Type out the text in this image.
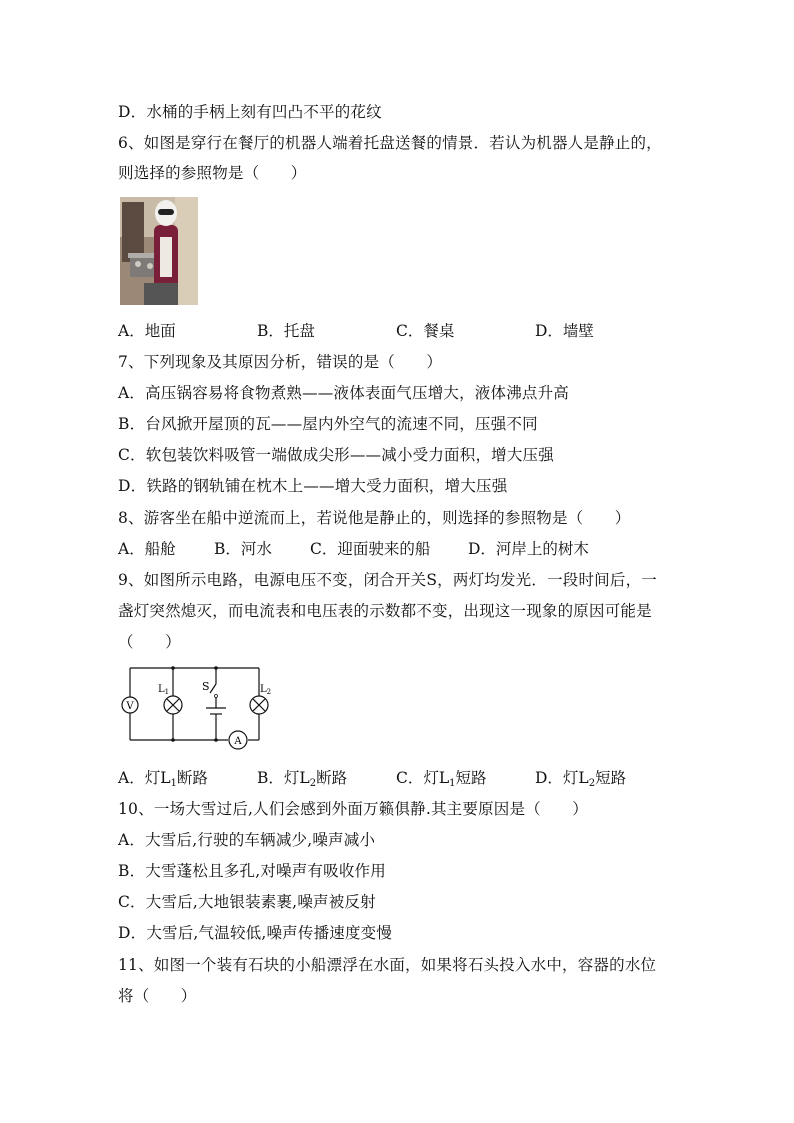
D．水桶的手柄上刻有凹凸不平的花纹
6、如图是穿行在餐厅的机器人端着托盘送餐的情景．若认为机器人是静止的，
则选择的参照物是（　　）
A．地面	B．托盘	C．餐桌	D．墙壁
7、下列现象及其原因分析，错误的是（　　）
A．高压锅容易将食物煮熟——液体表面气压增大，液体沸点升高
B．台风掀开屋顶的瓦——屋内外空气的流速不同，压强不同
C．软包装饮料吸管一端做成尖形——减小受力面积，增大压强
D．铁路的钢轨铺在枕木上——增大受力面积，增大压强
8、游客坐在船中逆流而上，若说他是静止的，则选择的参照物是（　　）
A．船舱 B．河水 C．迎面驶来的船 D．河岸上的树木
9、如图所示电路，电源电压不变，闭合开关S，两灯均发光．一段时间后，一
盏灯突然熄灭，而电流表和电压表的示数都不变，出现这一现象的原因可能是
（　　）
V
A
S
$L_1$	$L_2$
A．灯$L_1$断路	B．灯$L_2$断路	C．灯$L_1$短路	D．灯$L_2$短路
10、一场大雪过后,人们会感到外面万籁俱静.其主要原因是（　　）
A．大雪后,行驶的车辆减少,噪声减小
B．大雪蓬松且多孔,对噪声有吸收作用
C．大雪后,大地银装素裹,噪声被反射
D．大雪后,气温较低,噪声传播速度变慢
11、如图一个装有石块的小船漂浮在水面，如果将石头投入水中，容器的水位
将（　　）
